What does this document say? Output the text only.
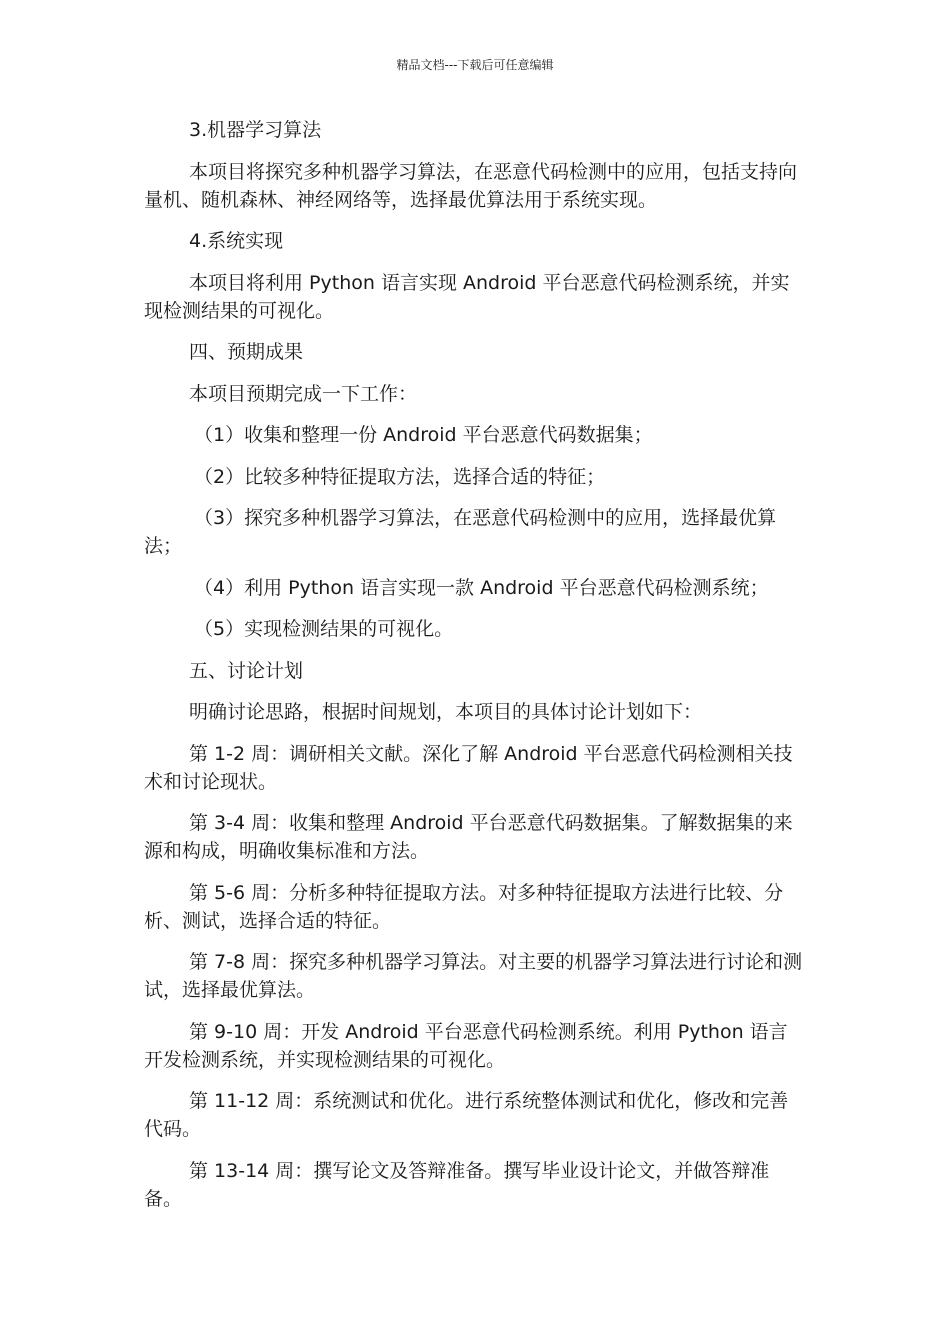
精品文档---下载后可任意编辑

3.机器学习算法

本项目将探究多种机器学习算法，在恶意代码检测中的应用，包括支持向量机、随机森林、神经网络等，选择最优算法用于系统实现。

4.系统实现

本项目将利用 Python 语言实现 Android 平台恶意代码检测系统，并实现检测结果的可视化。

四、预期成果

本项目预期完成一下工作：

（1）收集和整理一份 Android 平台恶意代码数据集；

（2）比较多种特征提取方法，选择合适的特征；

（3）探究多种机器学习算法，在恶意代码检测中的应用，选择最优算法；

（4）利用 Python 语言实现一款 Android 平台恶意代码检测系统；

（5）实现检测结果的可视化。

五、讨论计划

明确讨论思路，根据时间规划，本项目的具体讨论计划如下：

第 1-2 周：调研相关文献。深化了解 Android 平台恶意代码检测相关技术和讨论现状。

第 3-4 周：收集和整理 Android 平台恶意代码数据集。了解数据集的来源和构成，明确收集标准和方法。

第 5-6 周：分析多种特征提取方法。对多种特征提取方法进行比较、分析、测试，选择合适的特征。

第 7-8 周：探究多种机器学习算法。对主要的机器学习算法进行讨论和测试，选择最优算法。

第 9-10 周：开发 Android 平台恶意代码检测系统。利用 Python 语言开发检测系统，并实现检测结果的可视化。

第 11-12 周：系统测试和优化。进行系统整体测试和优化，修改和完善代码。

第 13-14 周：撰写论文及答辩准备。撰写毕业设计论文，并做答辩准备。
